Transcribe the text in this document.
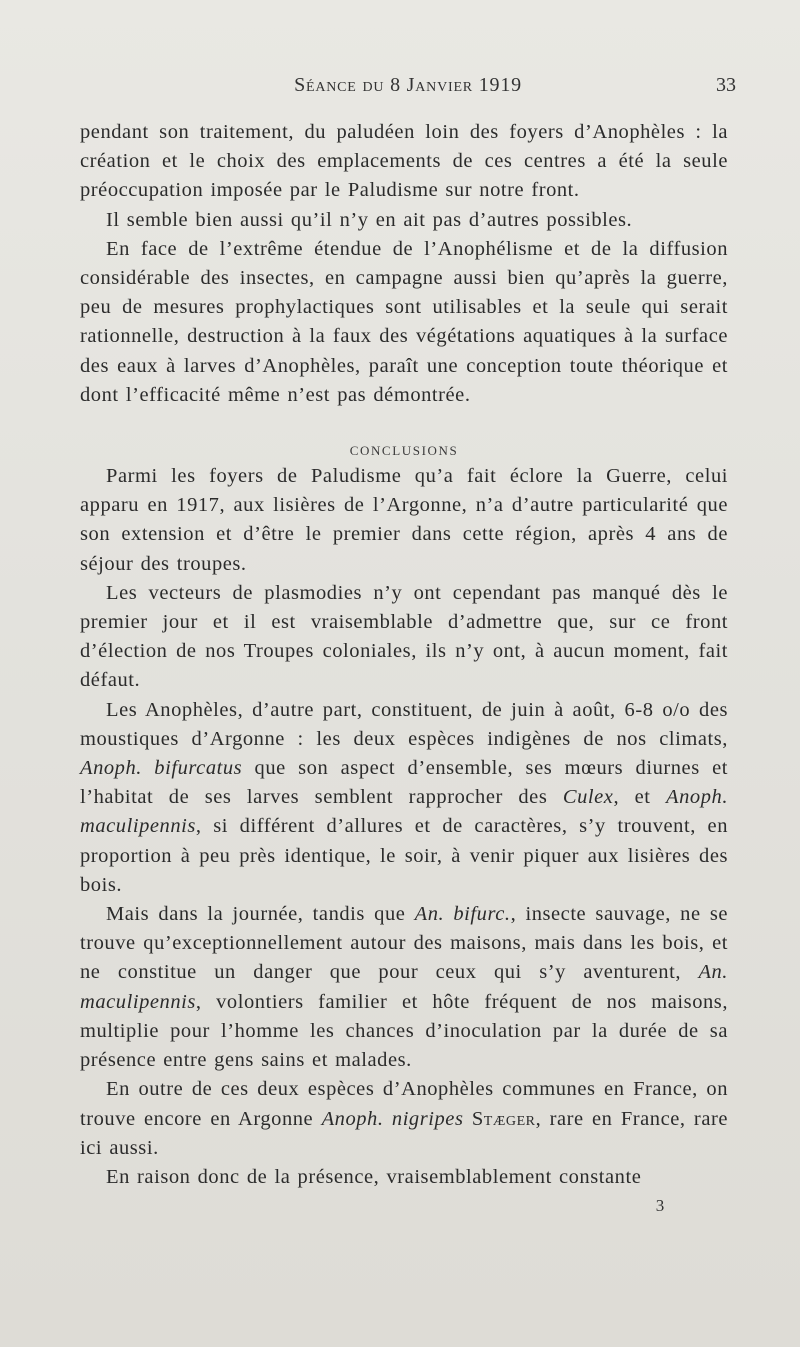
Séance du 8 Janvier 1919	33

pendant son traitement, du paludéen loin des foyers d’Anophèles : la création et le choix des emplacements de ces centres a été la seule préoccupation imposée par le Paludisme sur notre front.

Il semble bien aussi qu’il n’y en ait pas d’autres possibles.

En face de l’extrême étendue de l’Anophélisme et de la diffusion considérable des insectes, en campagne aussi bien qu’après la guerre, peu de mesures prophylactiques sont utilisables et la seule qui serait rationnelle, destruction à la faux des végétations aquatiques à la surface des eaux à larves d’Anophèles, paraît une conception toute théorique et dont l’efficacité même n’est pas démontrée.

CONCLUSIONS

Parmi les foyers de Paludisme qu’a fait éclore la Guerre, celui apparu en 1917, aux lisières de l’Argonne, n’a d’autre particularité que son extension et d’être le premier dans cette région, après 4 ans de séjour des troupes.

Les vecteurs de plasmodies n’y ont cependant pas manqué dès le premier jour et il est vraisemblable d’admettre que, sur ce front d’élection de nos Troupes coloniales, ils n’y ont, à aucun moment, fait défaut.

Les Anophèles, d’autre part, constituent, de juin à août, 6-8 o/o des moustiques d’Argonne : les deux espèces indigènes de nos climats, Anoph. bifurcatus que son aspect d’ensemble, ses mœurs diurnes et l’habitat de ses larves semblent rapprocher des Culex, et Anoph. maculipennis, si différent d’allures et de caractères, s’y trouvent, en proportion à peu près identique, le soir, à venir piquer aux lisières des bois.

Mais dans la journée, tandis que An. bifurc., insecte sauvage, ne se trouve qu’exceptionnellement autour des maisons, mais dans les bois, et ne constitue un danger que pour ceux qui s’y aventurent, An. maculipennis, volontiers familier et hôte fréquent de nos maisons, multiplie pour l’homme les chances d’inoculation par la durée de sa présence entre gens sains et malades.

En outre de ces deux espèces d’Anophèles communes en France, on trouve encore en Argonne Anoph. nigripes Stæger, rare en France, rare ici aussi.

En raison donc de la présence, vraisemblablement constante

3
